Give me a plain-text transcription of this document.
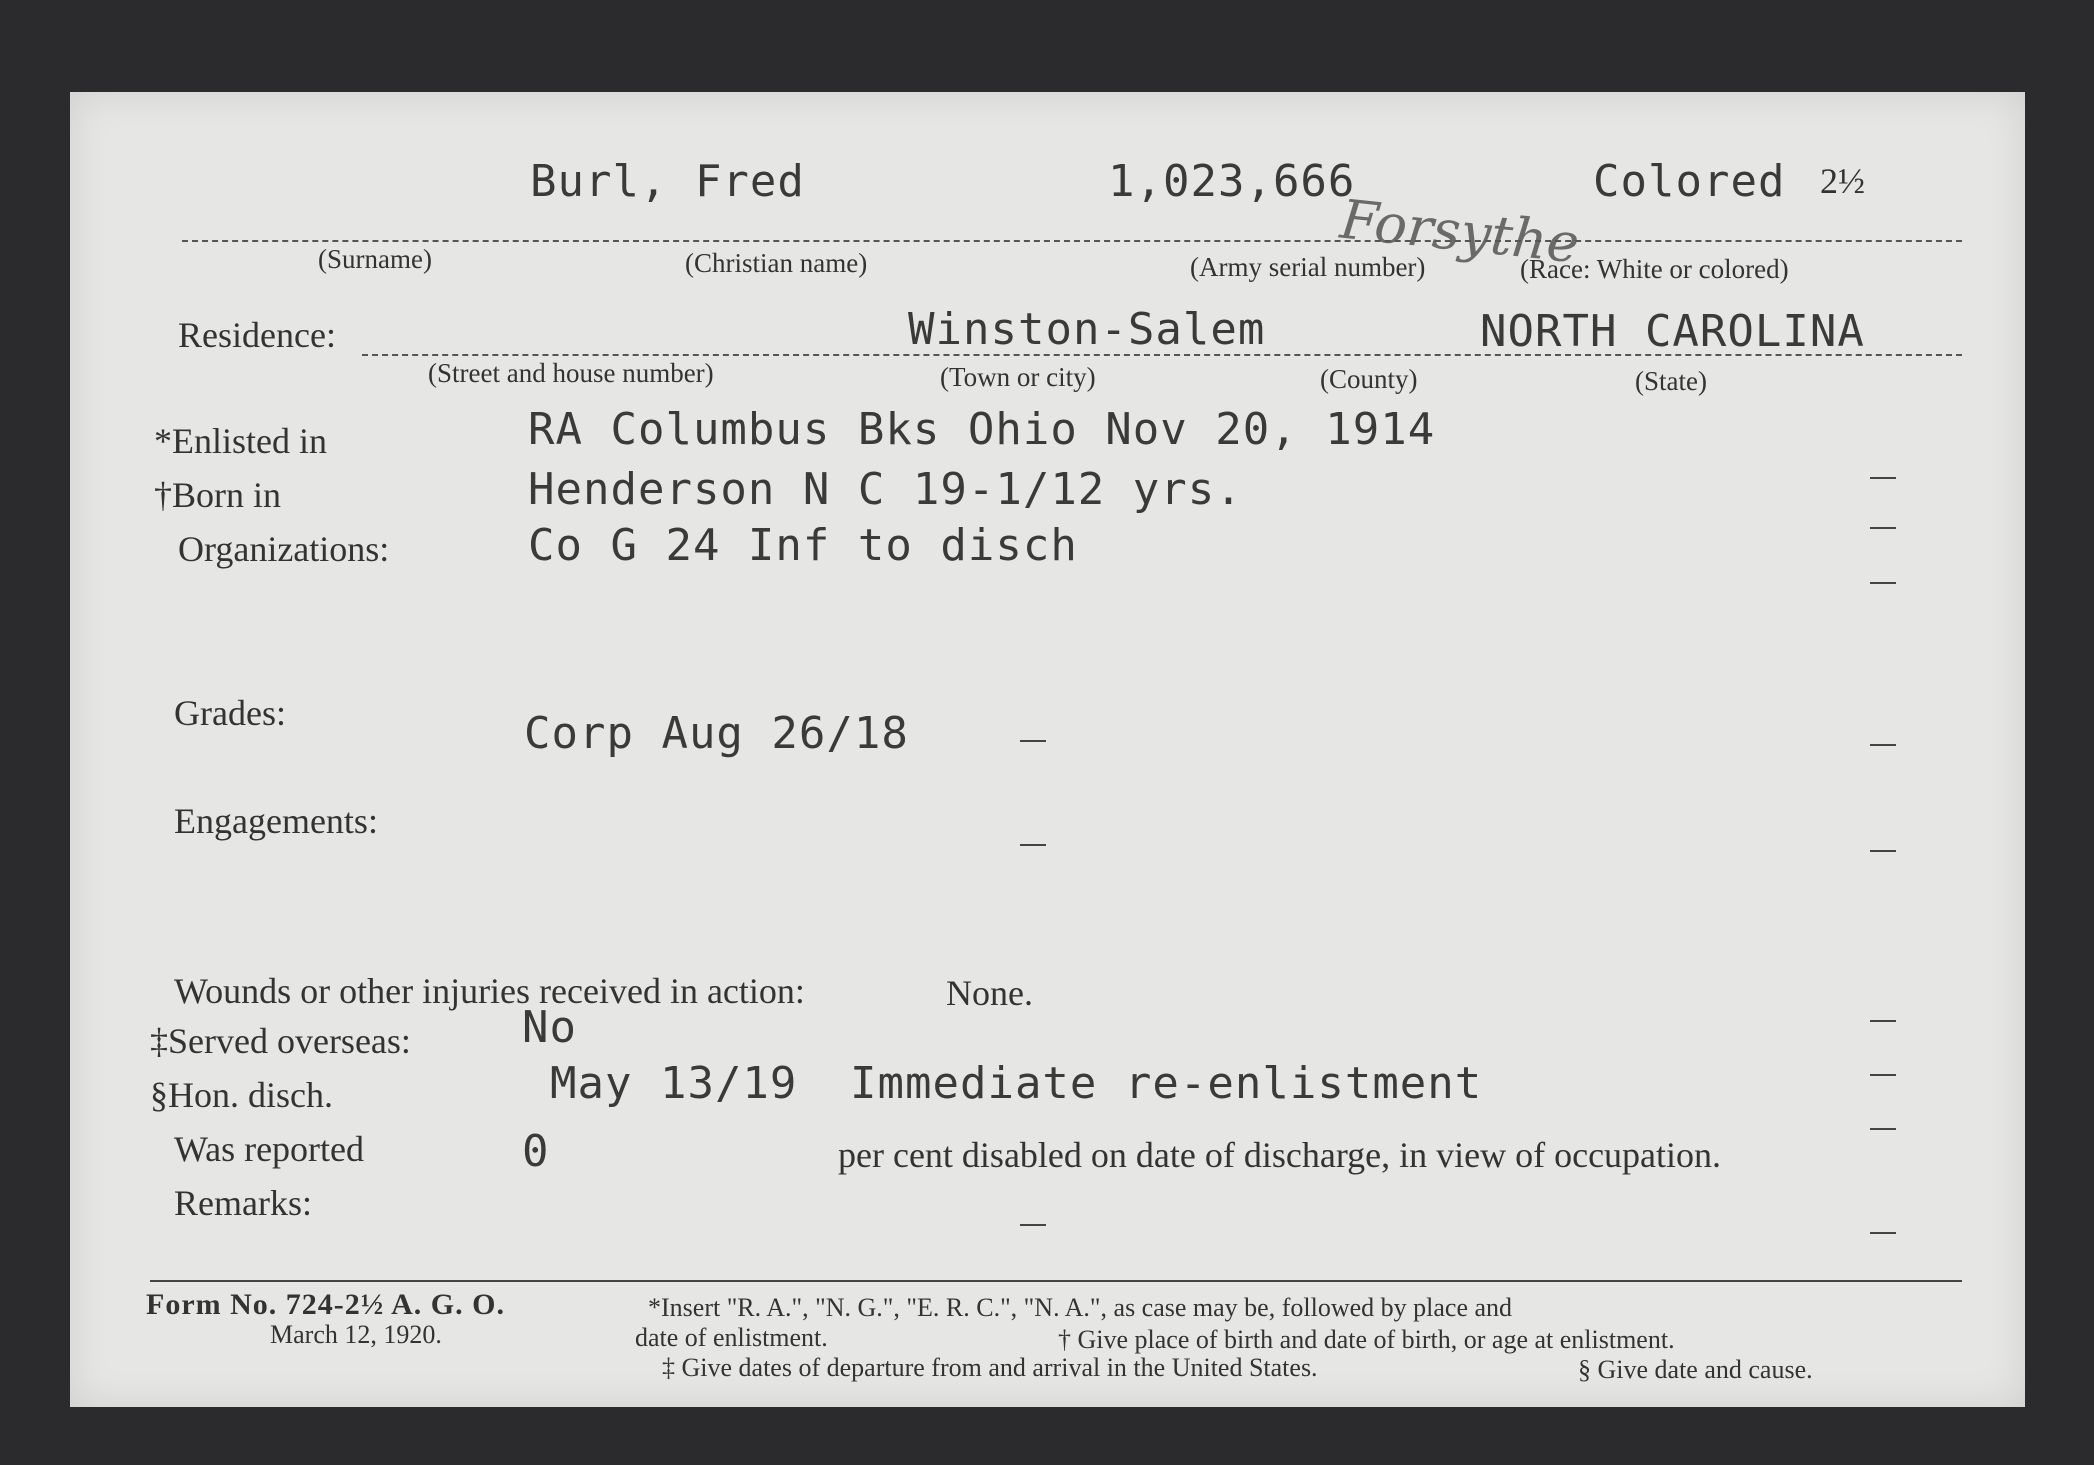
Burl, Fred	1,023,666	Colored 2½
Forsythe
(Surname)	(Christian name)	(Army serial number)	(Race: White or colored)
Residence:	Winston-Salem	NORTH CAROLINA
(Street and house number)	(Town or city)	(County)	(State)
*Enlisted in	RA Columbus Bks Ohio Nov 20, 1914
†Born in	Henderson N C 19-1/12 yrs.
Organizations:	Co G 24 Inf to disch
Grades:	Corp Aug 26/18
Engagements:
Wounds or other injuries received in action:	None.
‡Served overseas:	No
§Hon. disch.	May 13/19 Immediate re-enlistment
Was reported	0	per cent disabled on date of discharge, in view of occupation.
Remarks:
Form No. 724-2½ A. G. O.
March 12, 1920.
*Insert "R. A.", "N. G.", "E. R. C.", "N. A.", as case may be, followed by place and
date of enlistment.	† Give place of birth and date of birth, or age at enlistment.
‡ Give dates of departure from and arrival in the United States.	§ Give date and cause.
